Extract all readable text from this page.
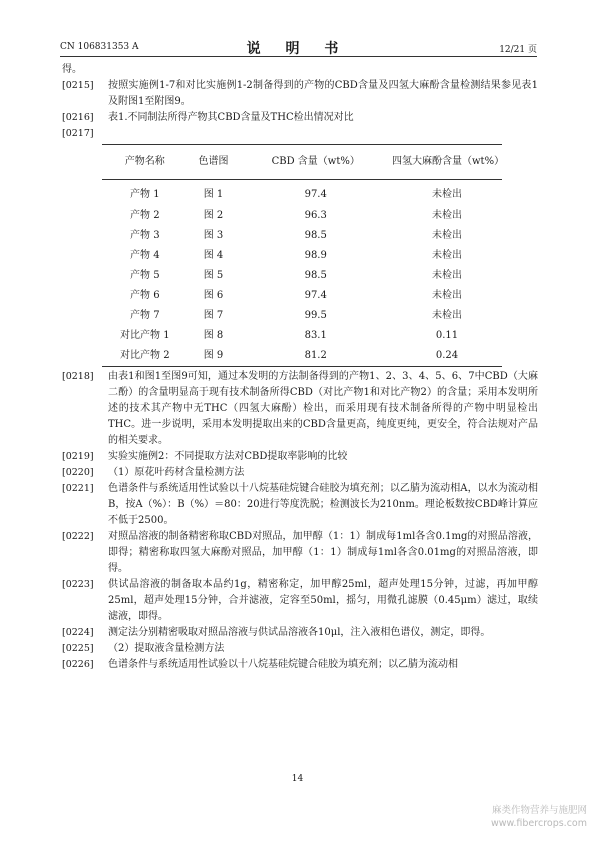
CN 106831353 A	说 明 书	12/21 页
得。
[0215]	按照实施例1-7和对比实施例1-2制备得到的产物的CBD含量及四氢大麻酚含量检测结果参见表1及附图1至附图9。
[0216]	表1.不同制法所得产物其CBD含量及THC检出情况对比
[0217]
产物名称	色谱图	CBD 含量（wt%）	四氢大麻酚含量（wt%）
产物 1	图 1	97.4	未检出
产物 2	图 2	96.3	未检出
产物 3	图 3	98.5	未检出
产物 4	图 4	98.9	未检出
产物 5	图 5	98.5	未检出
产物 6	图 6	97.4	未检出
产物 7	图 7	99.5	未检出
对比产物 1	图 8	83.1	0.11
对比产物 2	图 9	81.2	0.24
[0218]	由表1和图1至图9可知，通过本发明的方法制备得到的产物1、2、3、4、5、6、7中CBD（大麻二酚）的含量明显高于现有技术制备所得CBD（对比产物1和对比产物2）的含量；采用本发明所述的技术其产物中无THC（四氢大麻酚）检出，而采用现有技术制备所得的产物中明显检出THC。进一步说明，采用本发明提取出来的CBD含量更高，纯度更纯，更安全，符合法规对产品的相关要求。
[0219]	实验实施例2：不同提取方法对CBD提取率影响的比较
[0220]	（1）原花叶药材含量检测方法
[0221]	色谱条件与系统适用性试验以十八烷基硅烷键合硅胶为填充剂；以乙腈为流动相A，以水为流动相B，按A（%）：B（%）＝80：20进行等度洗脱；检测波长为210nm。理论板数按CBD峰计算应不低于2500。
[0222]	对照品溶液的制备精密称取CBD对照品，加甲醇（1：1）制成每1ml各含0.1mg的对照品溶液，即得；精密称取四氢大麻酚对照品，加甲醇（1：1）制成每1ml各含0.01mg的对照品溶液，即得。
[0223]	供试品溶液的制备取本品约1g，精密称定，加甲醇25ml，超声处理15分钟，过滤，再加甲醇25ml，超声处理15分钟，合并滤液，定容至50ml，摇匀，用微孔滤膜（0.45μm）滤过，取续滤液，即得。
[0224]	测定法分别精密吸取对照品溶液与供试品溶液各10μl，注入液相色谱仪，测定，即得。
[0225]	（2）提取液含量检测方法
[0226]	色谱条件与系统适用性试验以十八烷基硅烷键合硅胶为填充剂；以乙腈为流动相
14
麻类作物营养与施肥网
www.fibercrops.com
